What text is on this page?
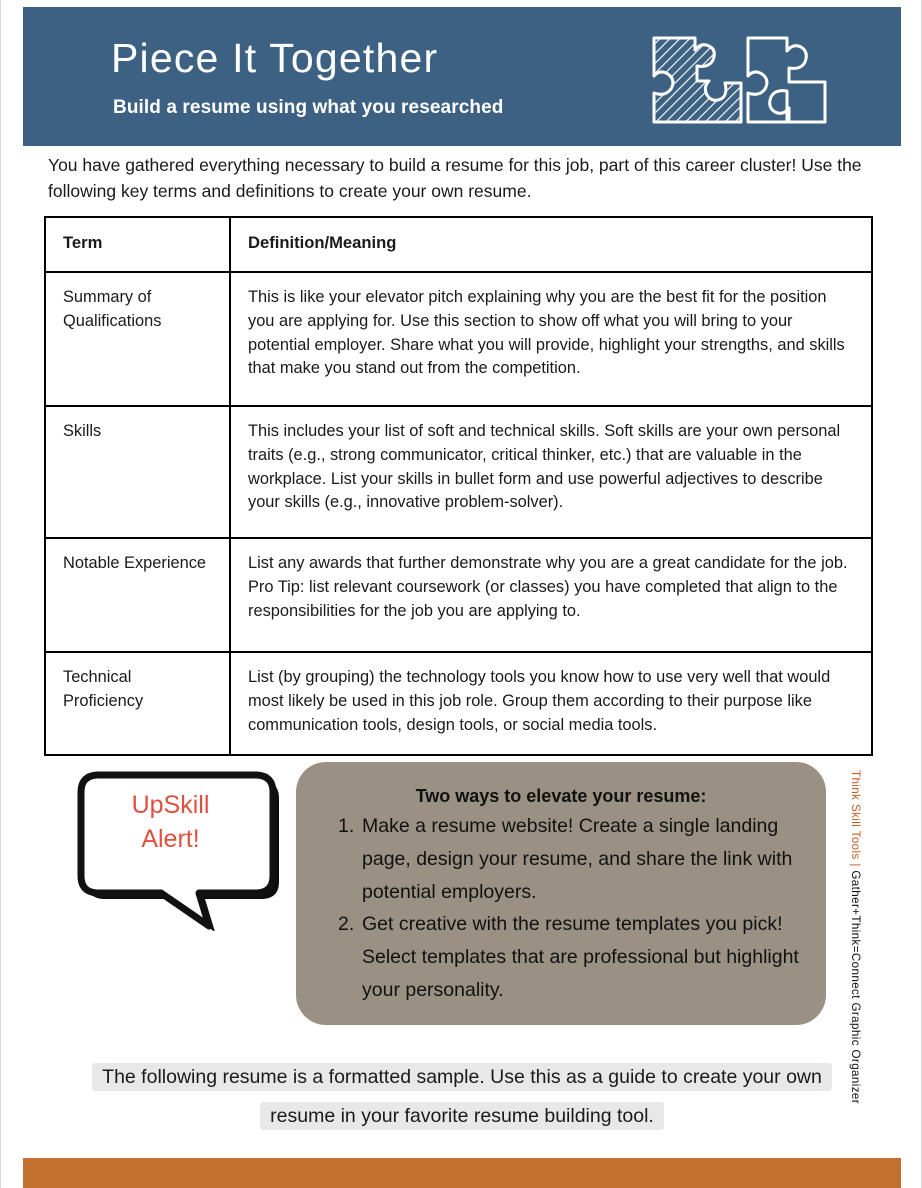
Piece It Together
Build a resume using what you researched
You have gathered everything necessary to build a resume for this job, part of this career cluster! Use the following key terms and definitions to create your own resume.
Term	Definition/Meaning
Summary of Qualifications	This is like your elevator pitch explaining why you are the best fit for the position you are applying for. Use this section to show off what you will bring to your potential employer. Share what you will provide, highlight your strengths, and skills that make you stand out from the competition.
Skills	This includes your list of soft and technical skills. Soft skills are your own personal traits (e.g., strong communicator, critical thinker, etc.) that are valuable in the workplace. List your skills in bullet form and use powerful adjectives to describe your skills (e.g., innovative problem-solver).
Notable Experience	List any awards that further demonstrate why you are a great candidate for the job. Pro Tip: list relevant coursework (or classes) you have completed that align to the responsibilities for the job you are applying to.
Technical Proficiency	List (by grouping) the technology tools you know how to use very well that would most likely be used in this job role. Group them according to their purpose like communication tools, design tools, or social media tools.
UpSkill
Alert!

Two ways to elevate your resume:

Make a resume website! Create a single landing page, design your resume, and share the link with potential employers.
Get creative with the resume templates you pick! Select templates that are professional but highlight your personality.
The following resume is a formatted sample. Use this as a guide to create your own
resume in your favorite resume building tool.
Think Skill Tools | Gather+Think=Connect Graphic Organizer
